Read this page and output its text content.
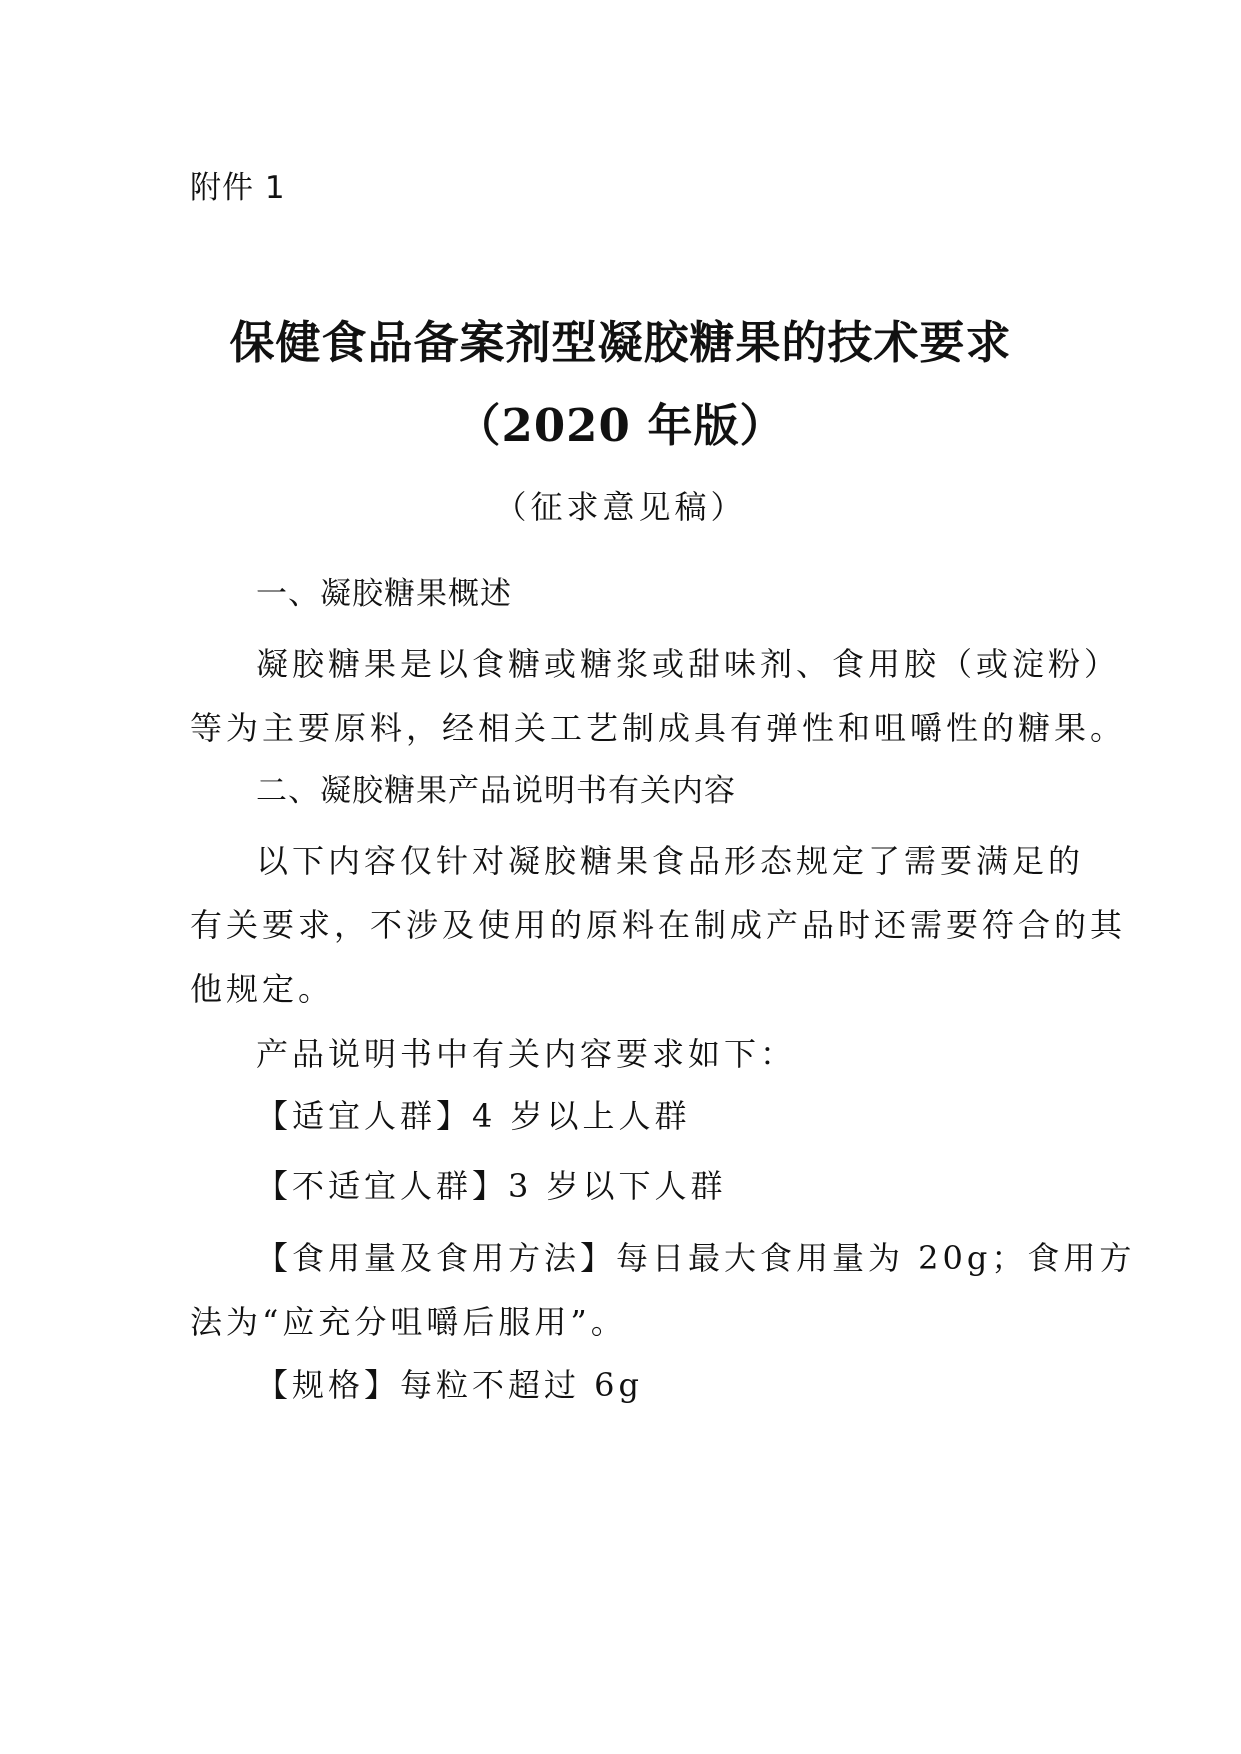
附件 1
保健食品备案剂型凝胶糖果的技术要求
（2020 年版）
（征求意见稿）
一、凝胶糖果概述

凝胶糖果是以食糖或糖浆或甜味剂、食用胶（或淀粉）
等为主要原料，经相关工艺制成具有弹性和咀嚼性的糖果。

二、凝胶糖果产品说明书有关内容

以下内容仅针对凝胶糖果食品形态规定了需要满足的
有关要求，不涉及使用的原料在制成产品时还需要符合的其
他规定。

产品说明书中有关内容要求如下：

【适宜人群】4 岁以上人群
【不适宜人群】3 岁以下人群

【食用量及食用方法】每日最大食用量为 20g；食用方
法为“应充分咀嚼后服用”。

【规格】每粒不超过 6g
